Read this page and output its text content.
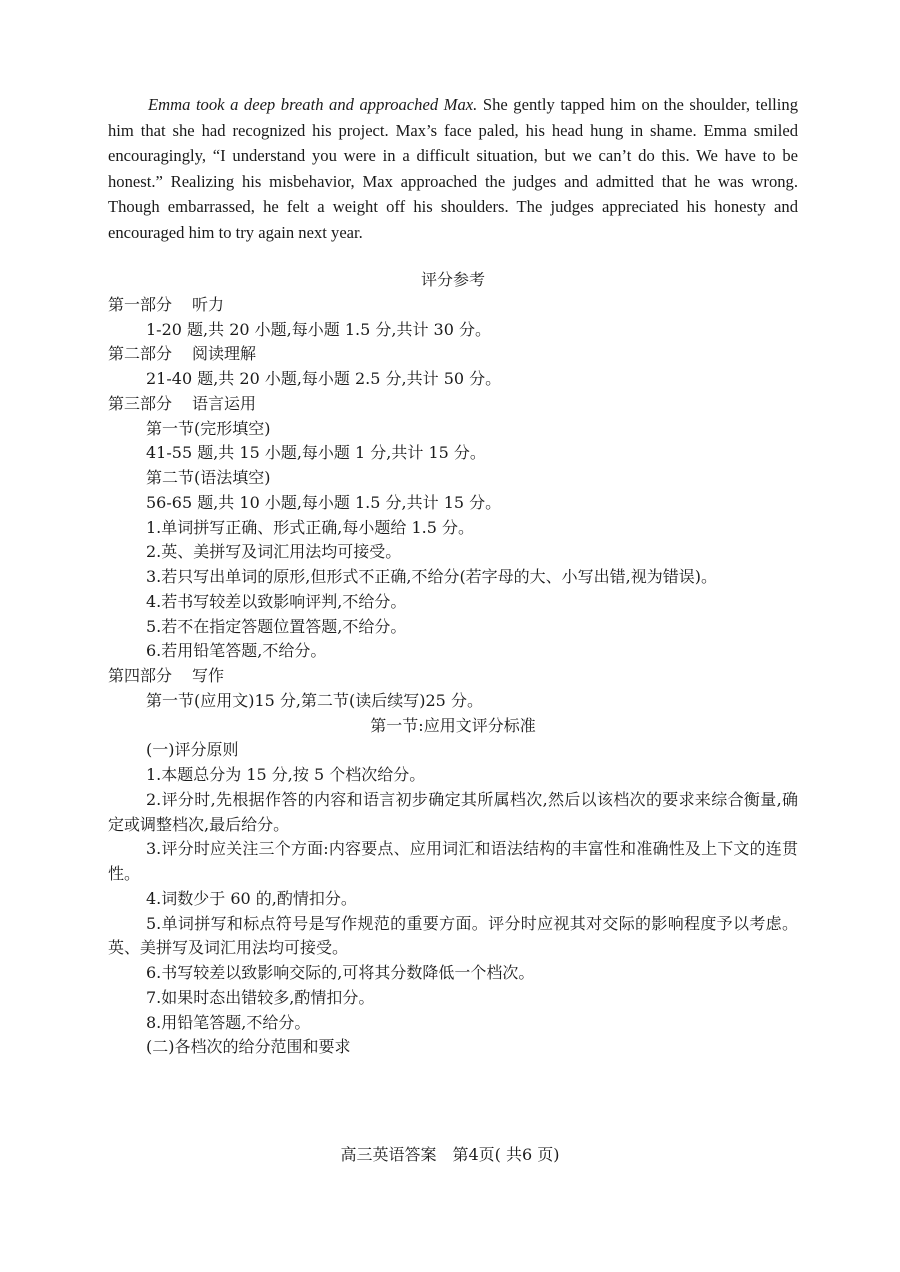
Emma took a deep breath and approached Max. She gently tapped him on the shoulder, telling him that she had recognized his project. Max’s face paled, his head hung in shame. Emma smiled encouragingly, “I understand you were in a difficult situation, but we can’t do this. We have to be honest.” Realizing his misbehavior, Max approached the judges and admitted that he was wrong. Though embarrassed, he felt a weight off his shoulders. The judges appreciated his honesty and encouraged him to try again next year.
评分参考
第一部分 听力
1-20 题,共 20 小题,每小题 1.5 分,共计 30 分。
第二部分 阅读理解
21-40 题,共 20 小题,每小题 2.5 分,共计 50 分。
第三部分 语言运用
第一节(完形填空)
41-55 题,共 15 小题,每小题 1 分,共计 15 分。
第二节(语法填空)
56-65 题,共 10 小题,每小题 1.5 分,共计 15 分。
1.单词拼写正确、形式正确,每小题给 1.5 分。
2.英、美拼写及词汇用法均可接受。
3.若只写出单词的原形,但形式不正确,不给分(若字母的大、小写出错,视为错误)。
4.若书写较差以致影响评判,不给分。
5.若不在指定答题位置答题,不给分。
6.若用铅笔答题,不给分。
第四部分 写作
第一节(应用文)15 分,第二节(读后续写)25 分。
第一节:应用文评分标准
(一)评分原则
1.本题总分为 15 分,按 5 个档次给分。
2.评分时,先根据作答的内容和语言初步确定其所属档次,然后以该档次的要求来综合衡量,确定或调整档次,最后给分。
3.评分时应关注三个方面:内容要点、应用词汇和语法结构的丰富性和准确性及上下文的连贯性。
4.词数少于 60 的,酌情扣分。
5.单词拼写和标点符号是写作规范的重要方面。评分时应视其对交际的影响程度予以考虑。英、美拼写及词汇用法均可接受。
6.书写较差以致影响交际的,可将其分数降低一个档次。
7.如果时态出错较多,酌情扣分。
8.用铅笔答题,不给分。
(二)各档次的给分范围和要求
高三英语答案　第4页( 共6 页)
